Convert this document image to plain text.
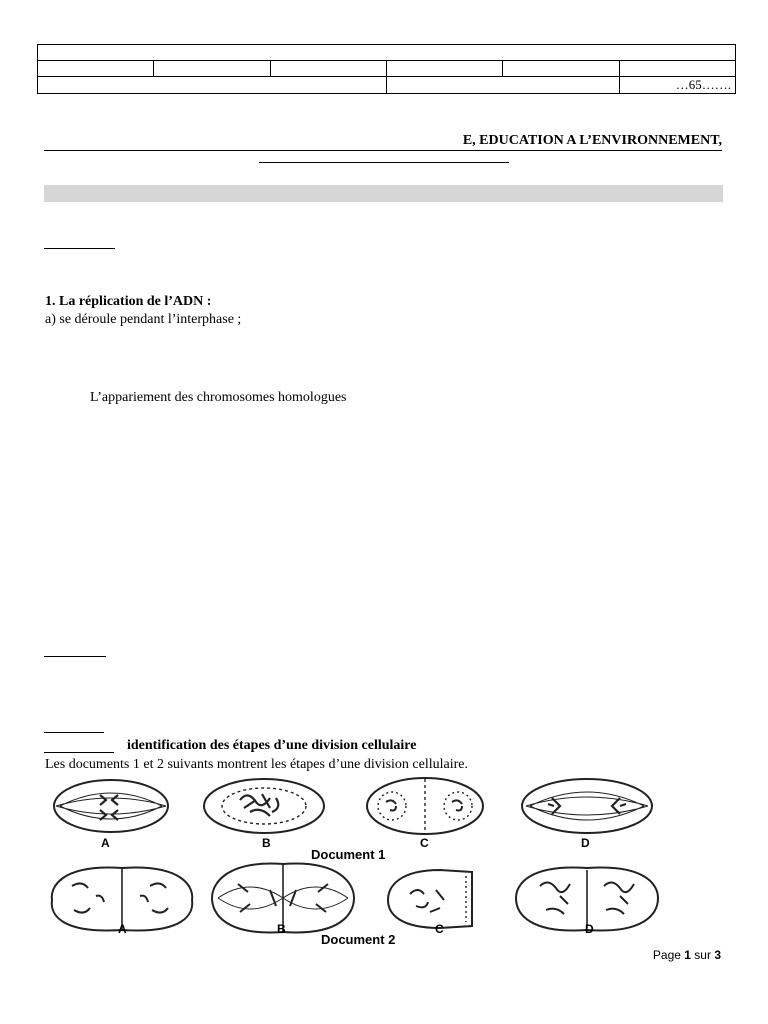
					…65…….
E, EDUCATION A L’ENVIRONNEMENT,
1. La réplication de l’ADN :
a) se déroule pendant l’interphase ;
L’appariement des chromosomes homologues
identification des étapes d’une division cellulaire
Les documents 1 et 2 suivants montrent les étapes d’une division cellulaire.
A	B	C	D
Document 1
A	B	C	D
Document 2
Page 1 sur 3
